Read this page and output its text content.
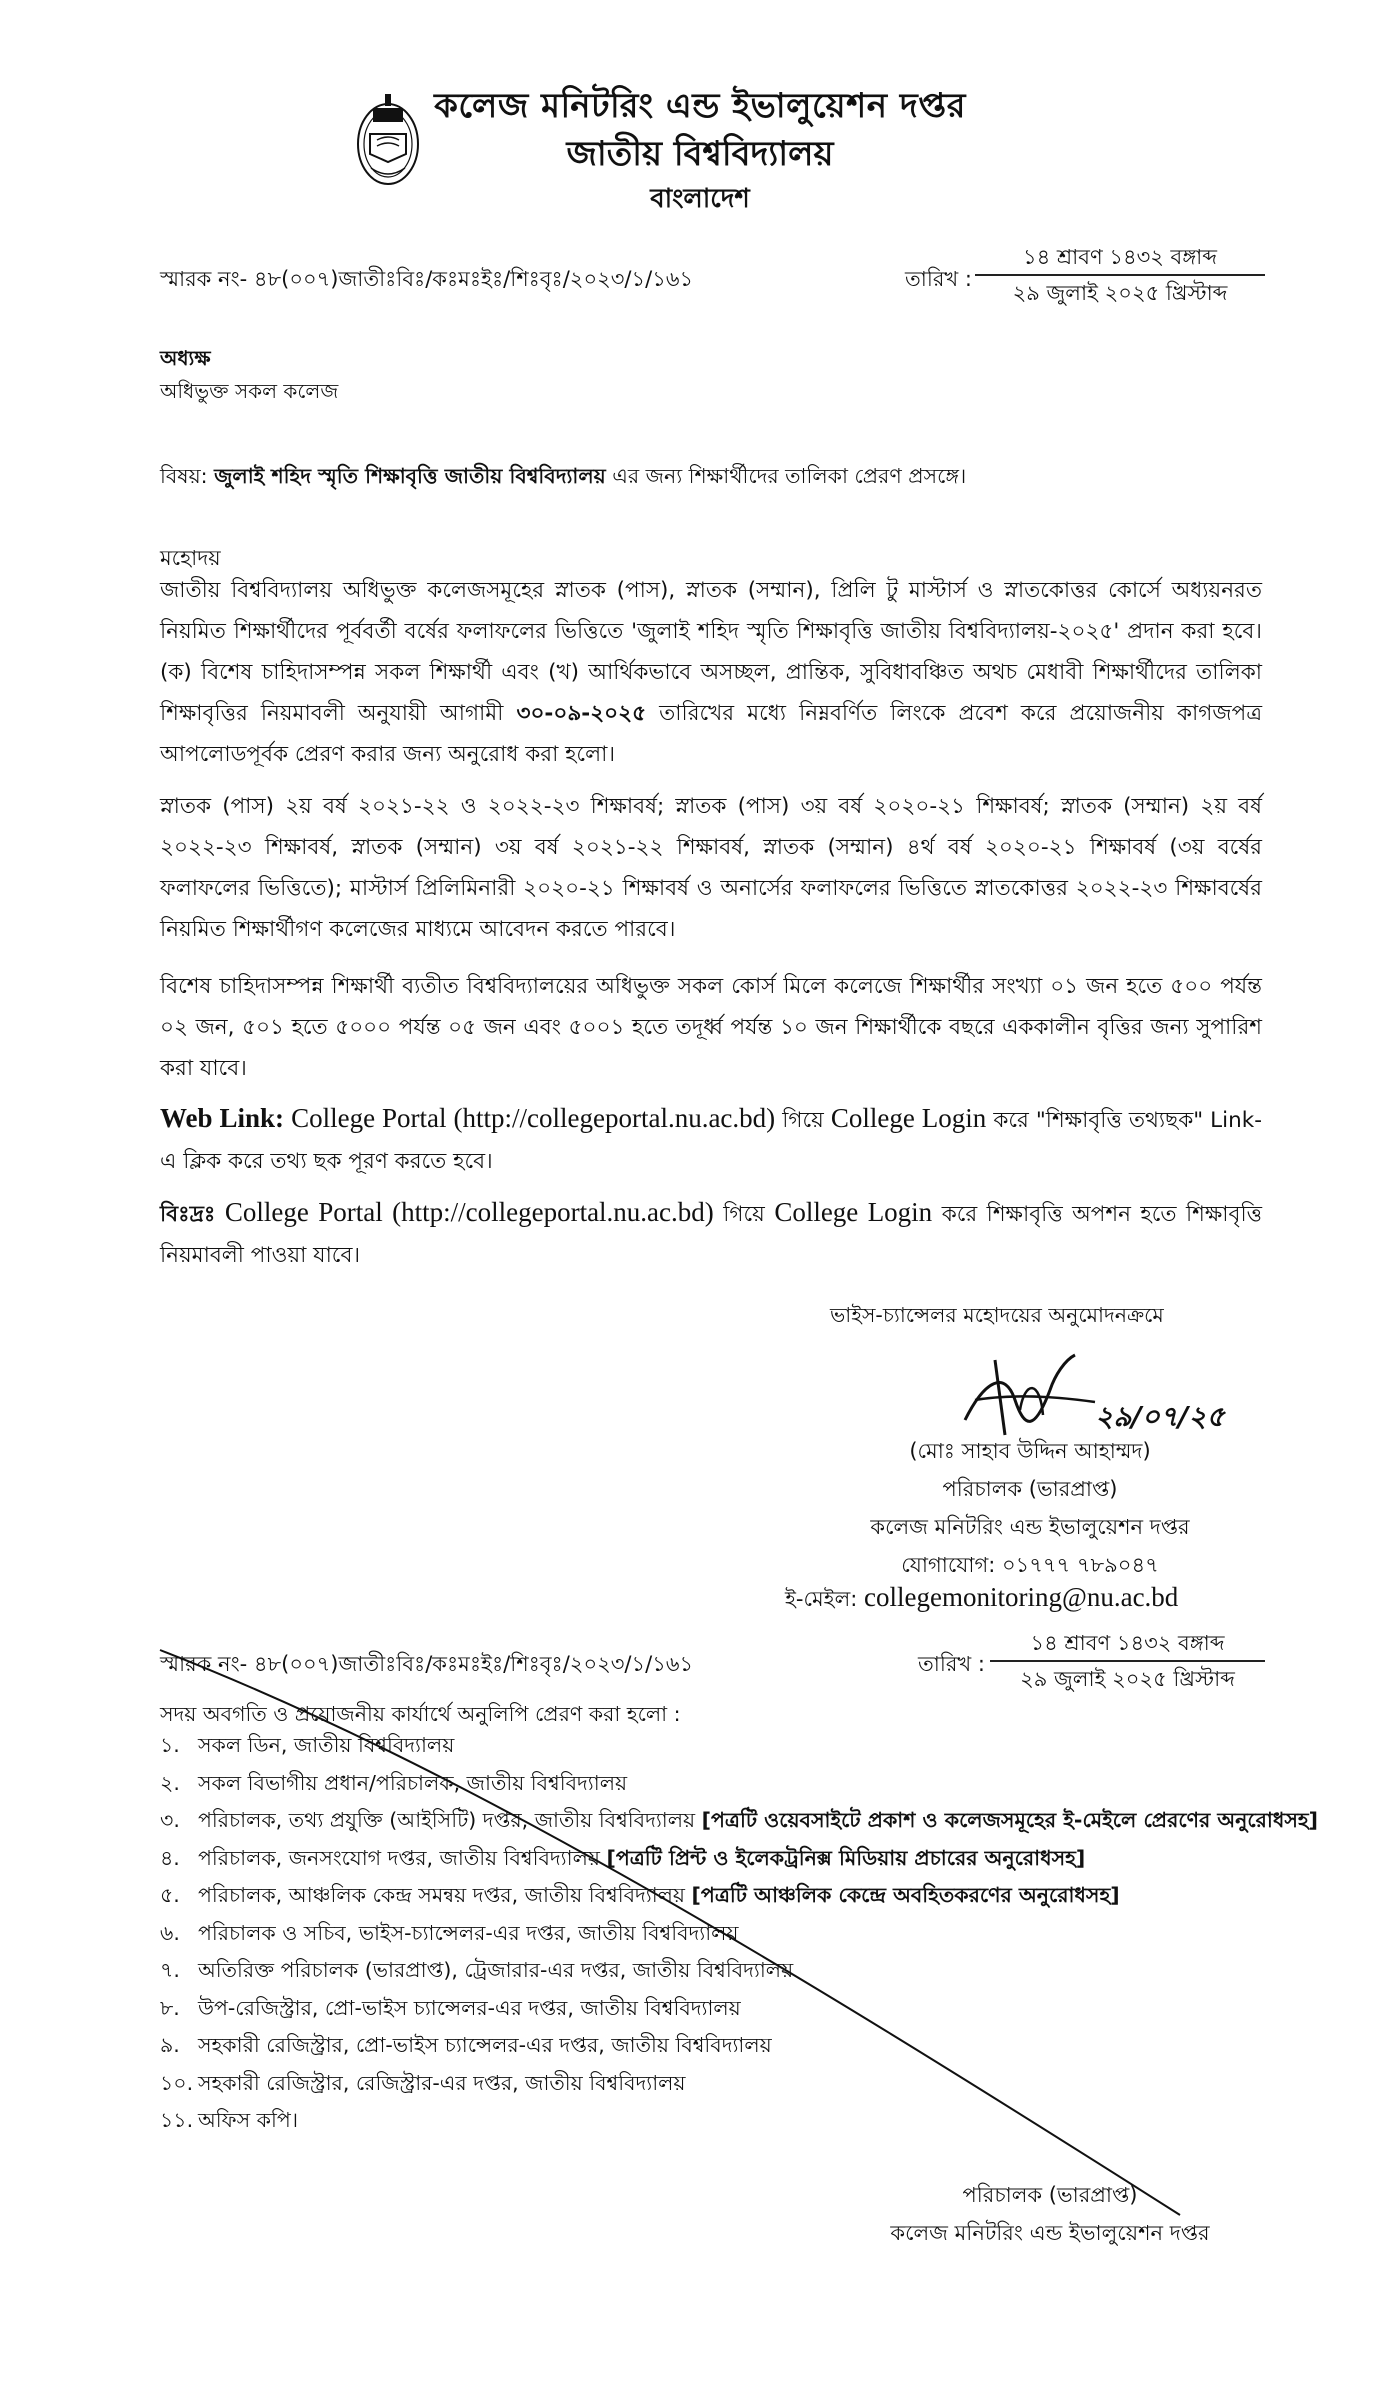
কলেজ মনিটরিং এন্ড ইভালুয়েশন দপ্তর
জাতীয় বিশ্ববিদ্যালয়
বাংলাদেশ
স্মারক নং- ৪৮(০০৭)জাতীঃবিঃ/কঃমঃইঃ/শিঃবৃঃ/২০২৩/১/১৬১	তারিখ :
১৪ শ্রাবণ ১৪৩২ বঙ্গাব্দ
২৯ জুলাই ২০২৫ খ্রিস্টাব্দ
অধ্যক্ষ
অধিভুক্ত সকল কলেজ
বিষয়: জুলাই শহিদ স্মৃতি শিক্ষাবৃত্তি জাতীয় বিশ্ববিদ্যালয় এর জন্য শিক্ষার্থীদের তালিকা প্রেরণ প্রসঙ্গে।
মহোদয়
জাতীয় বিশ্ববিদ্যালয় অধিভুক্ত কলেজসমূহের স্নাতক (পাস), স্নাতক (সম্মান), প্রিলি টু মাস্টার্স ও স্নাতকোত্তর কোর্সে অধ্যয়নরত নিয়মিত শিক্ষার্থীদের পূর্ববর্তী বর্ষের ফলাফলের ভিত্তিতে 'জুলাই শহিদ স্মৃতি শিক্ষাবৃত্তি জাতীয় বিশ্ববিদ্যালয়-২০২৫' প্রদান করা হবে। (ক) বিশেষ চাহিদাসম্পন্ন সকল শিক্ষার্থী এবং (খ) আর্থিকভাবে অসচ্ছল, প্রান্তিক, সুবিধাবঞ্চিত অথচ মেধাবী শিক্ষার্থীদের তালিকা শিক্ষাবৃত্তির নিয়মাবলী অনুযায়ী আগামী ৩০-০৯-২০২৫ তারিখের মধ্যে নিম্নবর্ণিত লিংকে প্রবেশ করে প্রয়োজনীয় কাগজপত্র আপলোডপূর্বক প্রেরণ করার জন্য অনুরোধ করা হলো।
স্নাতক (পাস) ২য় বর্ষ ২০২১-২২ ও ২০২২-২৩ শিক্ষাবর্ষ; স্নাতক (পাস) ৩য় বর্ষ ২০২০-২১ শিক্ষাবর্ষ; স্নাতক (সম্মান) ২য় বর্ষ ২০২২-২৩ শিক্ষাবর্ষ, স্নাতক (সম্মান) ৩য় বর্ষ ২০২১-২২ শিক্ষাবর্ষ, স্নাতক (সম্মান) ৪র্থ বর্ষ ২০২০-২১ শিক্ষাবর্ষ (৩য় বর্ষের ফলাফলের ভিত্তিতে); মাস্টার্স প্রিলিমিনারী ২০২০-২১ শিক্ষাবর্ষ ও অনার্সের ফলাফলের ভিত্তিতে স্নাতকোত্তর ২০২২-২৩ শিক্ষাবর্ষের নিয়মিত শিক্ষার্থীগণ কলেজের মাধ্যমে আবেদন করতে পারবে।
বিশেষ চাহিদাসম্পন্ন শিক্ষার্থী ব্যতীত বিশ্ববিদ্যালয়ের অধিভুক্ত সকল কোর্স মিলে কলেজে শিক্ষার্থীর সংখ্যা ০১ জন হতে ৫০০ পর্যন্ত ০২ জন, ৫০১ হতে ৫০০০ পর্যন্ত ০৫ জন এবং ৫০০১ হতে তদূর্ধ্ব পর্যন্ত ১০ জন শিক্ষার্থীকে বছরে এককালীন বৃত্তির জন্য সুপারিশ করা যাবে।
Web Link: College Portal (http://collegeportal.nu.ac.bd) গিয়ে College Login করে "শিক্ষাবৃত্তি তথ্যছক" Link-এ ক্লিক করে তথ্য ছক পূরণ করতে হবে।
বিঃদ্রঃ College Portal (http://collegeportal.nu.ac.bd) গিয়ে College Login করে শিক্ষাবৃত্তি অপশন হতে শিক্ষাবৃত্তি নিয়মাবলী পাওয়া যাবে।
ভাইস-চ্যান্সেলর মহোদয়ের অনুমোদনক্রমে
২৯/০৭/২৫
(মোঃ সাহাব উদ্দিন আহাম্মদ)
পরিচালক (ভারপ্রাপ্ত)
কলেজ মনিটরিং এন্ড ইভালুয়েশন দপ্তর
যোগাযোগ: ০১৭৭৭ ৭৮৯০৪৭
ই-মেইল: collegemonitoring@nu.ac.bd
স্মারক নং- ৪৮(০০৭)জাতীঃবিঃ/কঃমঃইঃ/শিঃবৃঃ/২০২৩/১/১৬১	তারিখ :
১৪ শ্রাবণ ১৪৩২ বঙ্গাব্দ
২৯ জুলাই ২০২৫ খ্রিস্টাব্দ
সদয় অবগতি ও প্রয়োজনীয় কার্যার্থে অনুলিপি প্রেরণ করা হলো :
১. সকল ডিন, জাতীয় বিশ্ববিদ্যালয়
২. সকল বিভাগীয় প্রধান/পরিচালক, জাতীয় বিশ্ববিদ্যালয়
৩. পরিচালক, তথ্য প্রযুক্তি (আইসিটি) দপ্তর, জাতীয় বিশ্ববিদ্যালয় [পত্রটি ওয়েবসাইটে প্রকাশ ও কলেজসমূহের ই-মেইলে প্রেরণের অনুরোধসহ]
৪. পরিচালক, জনসংযোগ দপ্তর, জাতীয় বিশ্ববিদ্যালয় [পত্রটি প্রিন্ট ও ইলেকট্রনিক্স মিডিয়ায় প্রচারের অনুরোধসহ]
৫. পরিচালক, আঞ্চলিক কেন্দ্র সমন্বয় দপ্তর, জাতীয় বিশ্ববিদ্যালয় [পত্রটি আঞ্চলিক কেন্দ্রে অবহিতকরণের অনুরোধসহ]
৬. পরিচালক ও সচিব, ভাইস-চ্যান্সেলর-এর দপ্তর, জাতীয় বিশ্ববিদ্যালয়
৭. অতিরিক্ত পরিচালক (ভারপ্রাপ্ত), ট্রেজারার-এর দপ্তর, জাতীয় বিশ্ববিদ্যালয়
৮. উপ-রেজিস্ট্রার, প্রো-ভাইস চ্যান্সেলর-এর দপ্তর, জাতীয় বিশ্ববিদ্যালয়
৯. সহকারী রেজিস্ট্রার, প্রো-ভাইস চ্যান্সেলর-এর দপ্তর, জাতীয় বিশ্ববিদ্যালয়
১০. সহকারী রেজিস্ট্রার, রেজিস্ট্রার-এর দপ্তর, জাতীয় বিশ্ববিদ্যালয়
১১. অফিস কপি।
পরিচালক (ভারপ্রাপ্ত)
কলেজ মনিটরিং এন্ড ইভালুয়েশন দপ্তর
